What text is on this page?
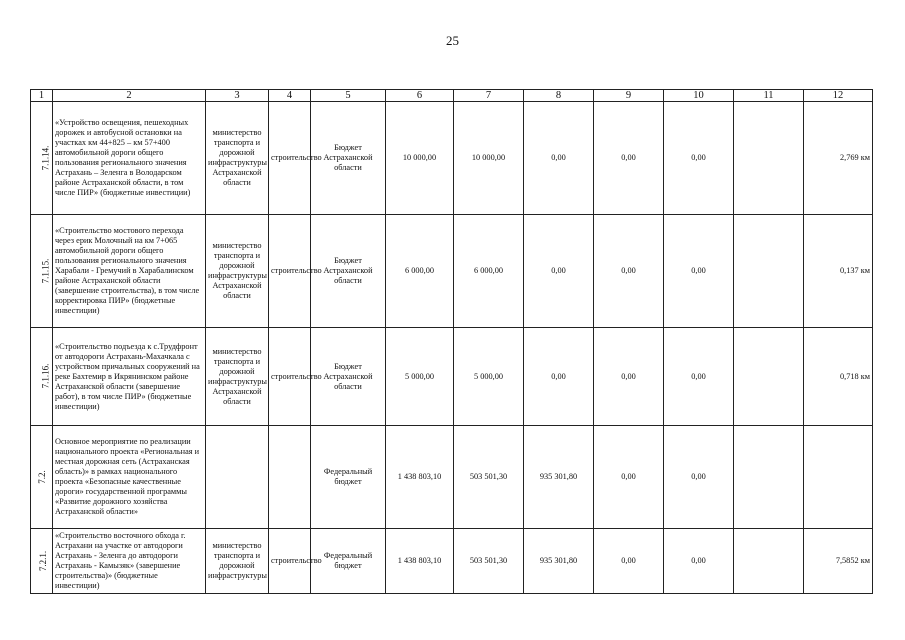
25
1	2	3	4	5	6	7	8	9	10	11	12
7.1.14.	«Устройство освещения, пешеходных дорожек и автобусной остановки на участках км 44+825 – км 57+400 автомобильной дороги общего пользования регионального значения Астрахань – Зеленга в Володарском районе Астраханской области, в том числе ПИР» (бюджетные инвестиции)	министерство транспорта и дорожной инфраструктуры Астраханской области	строительство	Бюджет Астраханской области	10 000,00	10 000,00	0,00	0,00	0,00		2,769 км
7.1.15.	«Строительство мостового перехода через ерик Молочный на км 7+065 автомобильной дороги общего пользования регионального значения Харабали - Гремучий в Харабалинском районе Астраханской области (завершение строительства), в том числе корректировка ПИР» (бюджетные инвестиции)	министерство транспорта и дорожной инфраструктуры Астраханской области	строительство	Бюджет Астраханской области	6 000,00	6 000,00	0,00	0,00	0,00		0,137 км
7.1.16.	«Строительство подъезда к с.Трудфронт от автодороги Астрахань-Махачкала с устройством причальных сооружений на реке Бахтемир в Икрянинском районе Астраханской области (завершение работ), в том числе ПИР» (бюджетные инвестиции)	министерство транспорта и дорожной инфраструктуры Астраханской области	строительство	Бюджет Астраханской области	5 000,00	5 000,00	0,00	0,00	0,00		0,718 км
7.2.	Основное мероприятие по реализации национального проекта «Региональная и местная дорожная сеть (Астраханская область)» в рамках национального проекта «Безопасные качественные дороги» государственной программы «Развитие дорожного хозяйства Астраханской области»			Федеральный бюджет	1 438 803,10	503 501,30	935 301,80	0,00	0,00		
7.2.1.	«Строительство восточного обхода г. Астрахани на участке от автодороги Астрахань - Зеленга до автодороги Астрахань - Камызяк» (завершение строительства)» (бюджетные инвестиции)	министерство транспорта и дорожной инфраструктуры	строительство	Федеральный бюджет	1 438 803,10	503 501,30	935 301,80	0,00	0,00		7,5852 км
